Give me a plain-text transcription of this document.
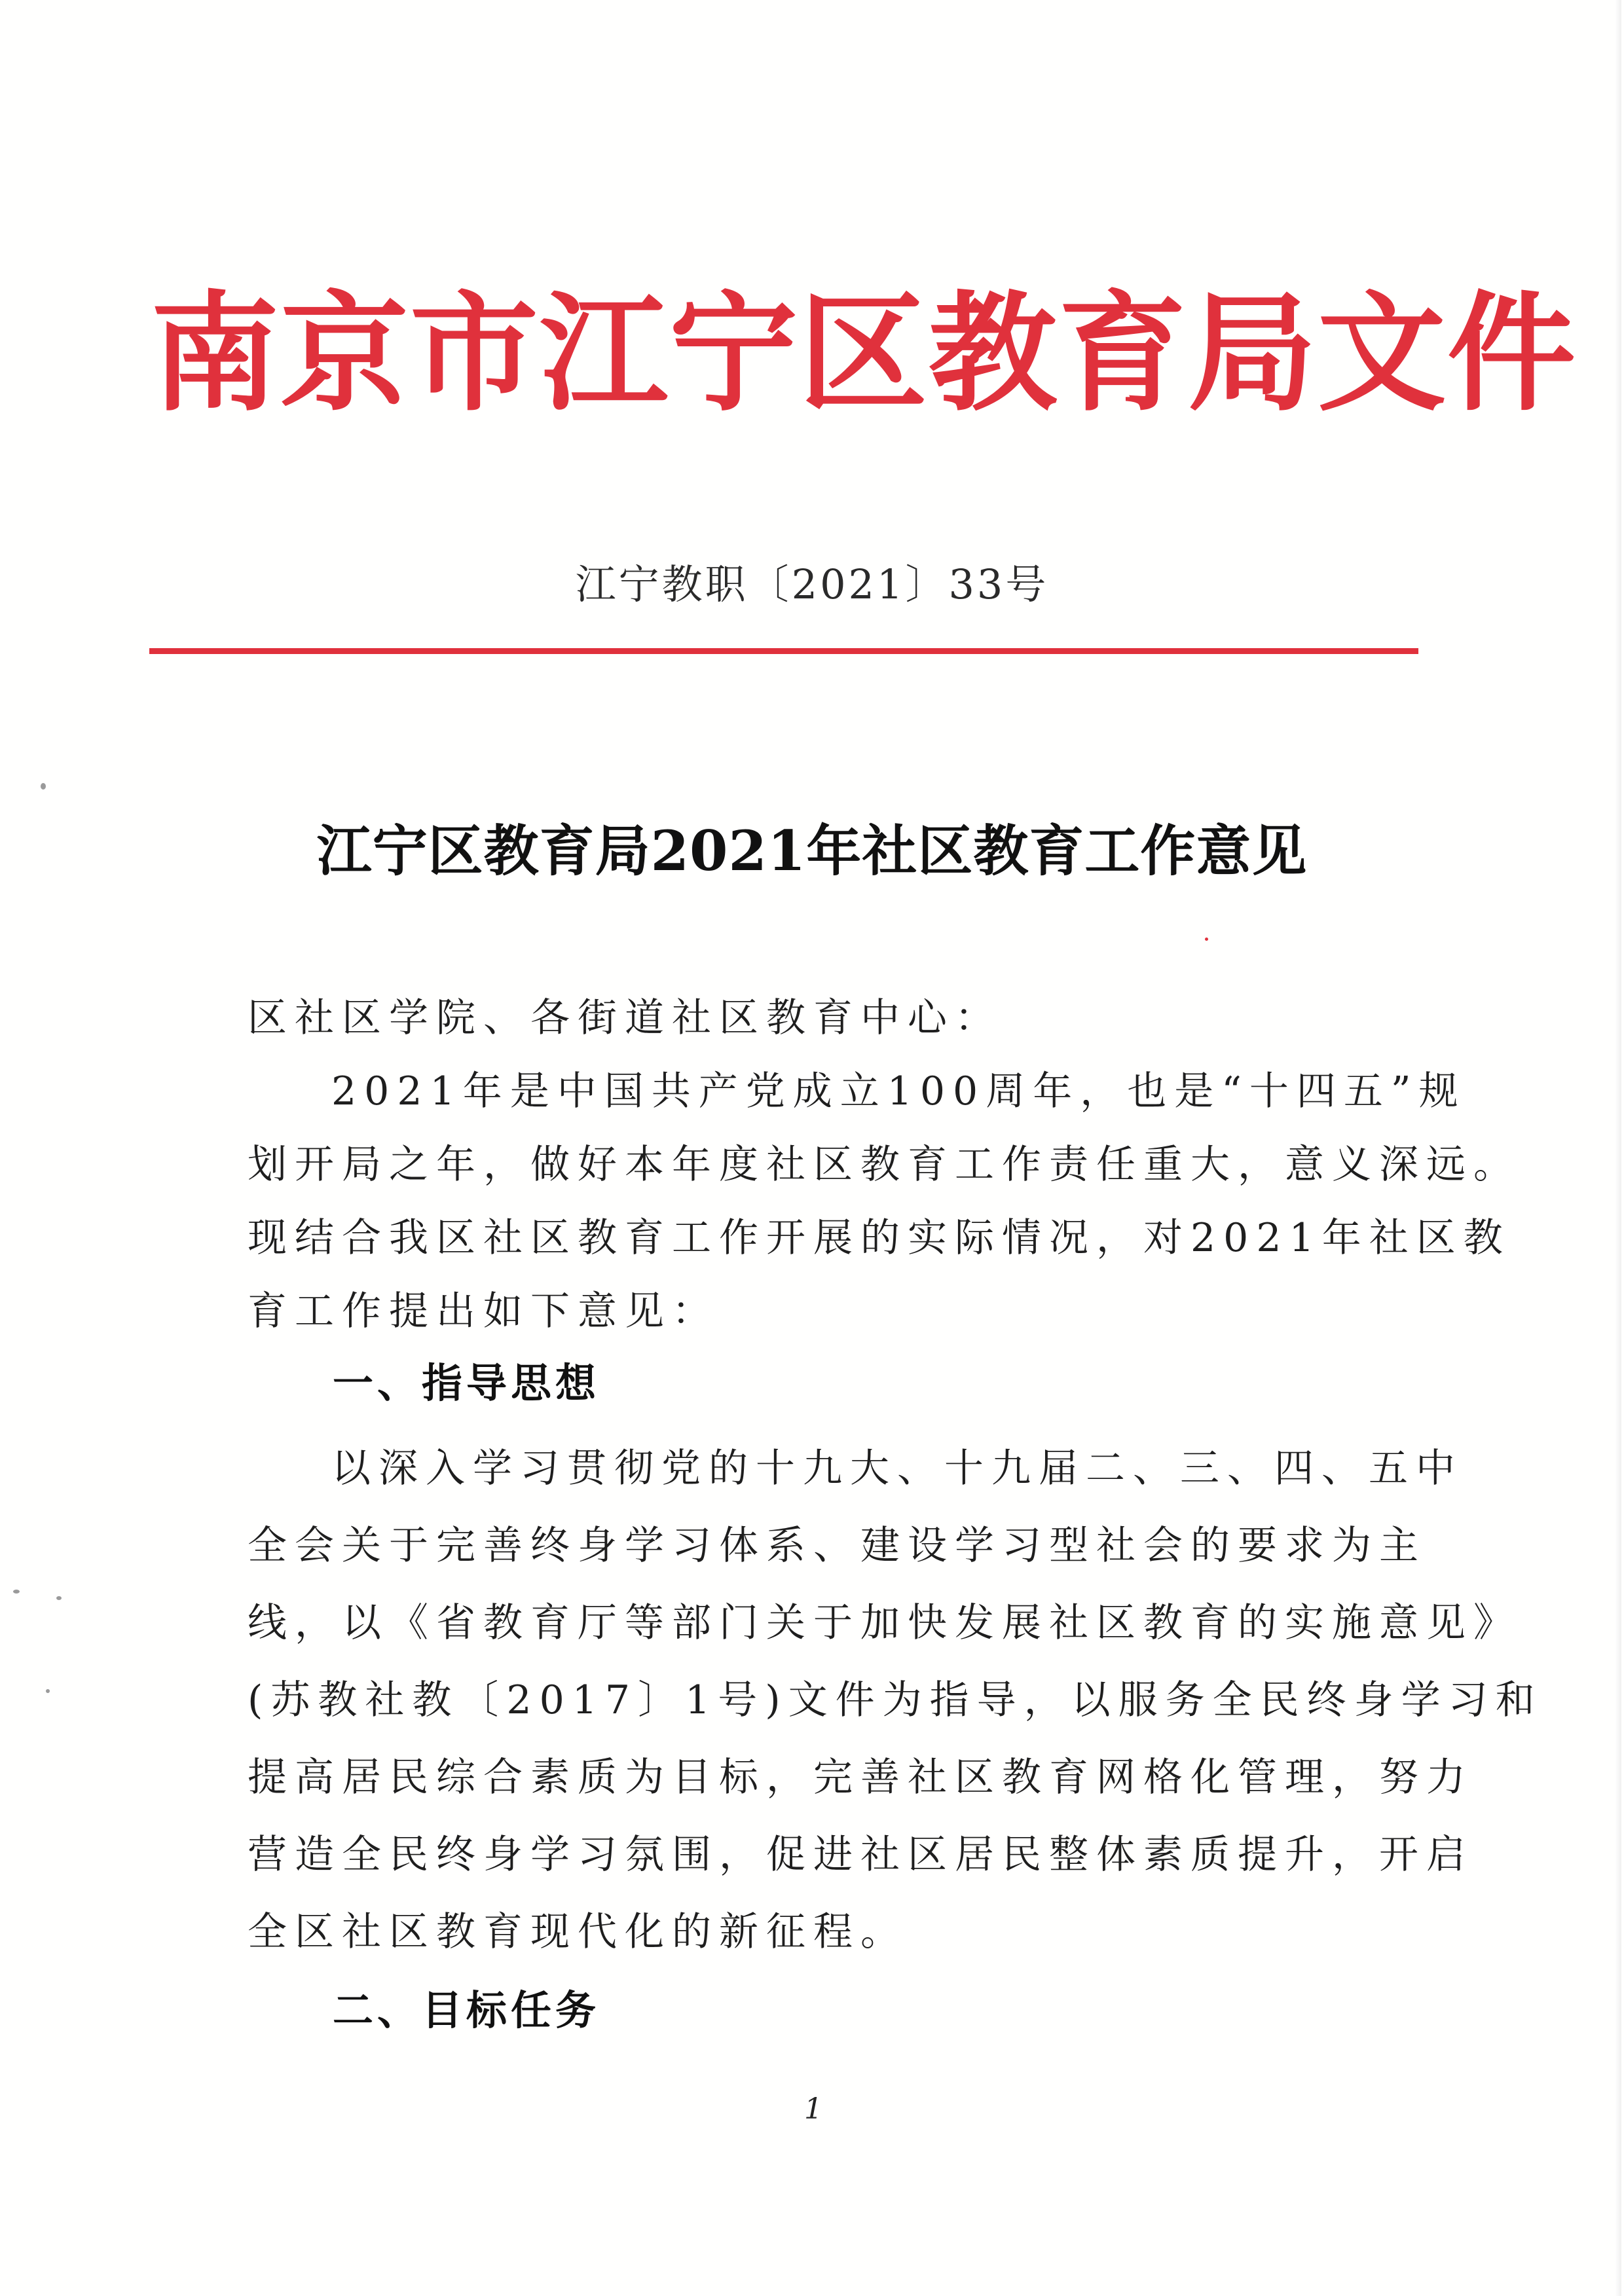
南京市江宁区教育局文件
江宁教职〔2021〕33号
江宁区教育局2021年社区教育工作意见
区社区学院、各街道社区教育中心：
2021年是中国共产党成立100周年，也是“十四五”规
划开局之年，做好本年度社区教育工作责任重大，意义深远。
现结合我区社区教育工作开展的实际情况，对2021年社区教
育工作提出如下意见：
一、指导思想
以深入学习贯彻党的十九大、十九届二、三、四、五中
全会关于完善终身学习体系、建设学习型社会的要求为主
线，以《省教育厅等部门关于加快发展社区教育的实施意见》
(苏教社教〔2017〕1号)文件为指导，以服务全民终身学习和
提高居民综合素质为目标，完善社区教育网格化管理，努力
营造全民终身学习氛围，促进社区居民整体素质提升，开启
全区社区教育现代化的新征程。
二、目标任务
1
